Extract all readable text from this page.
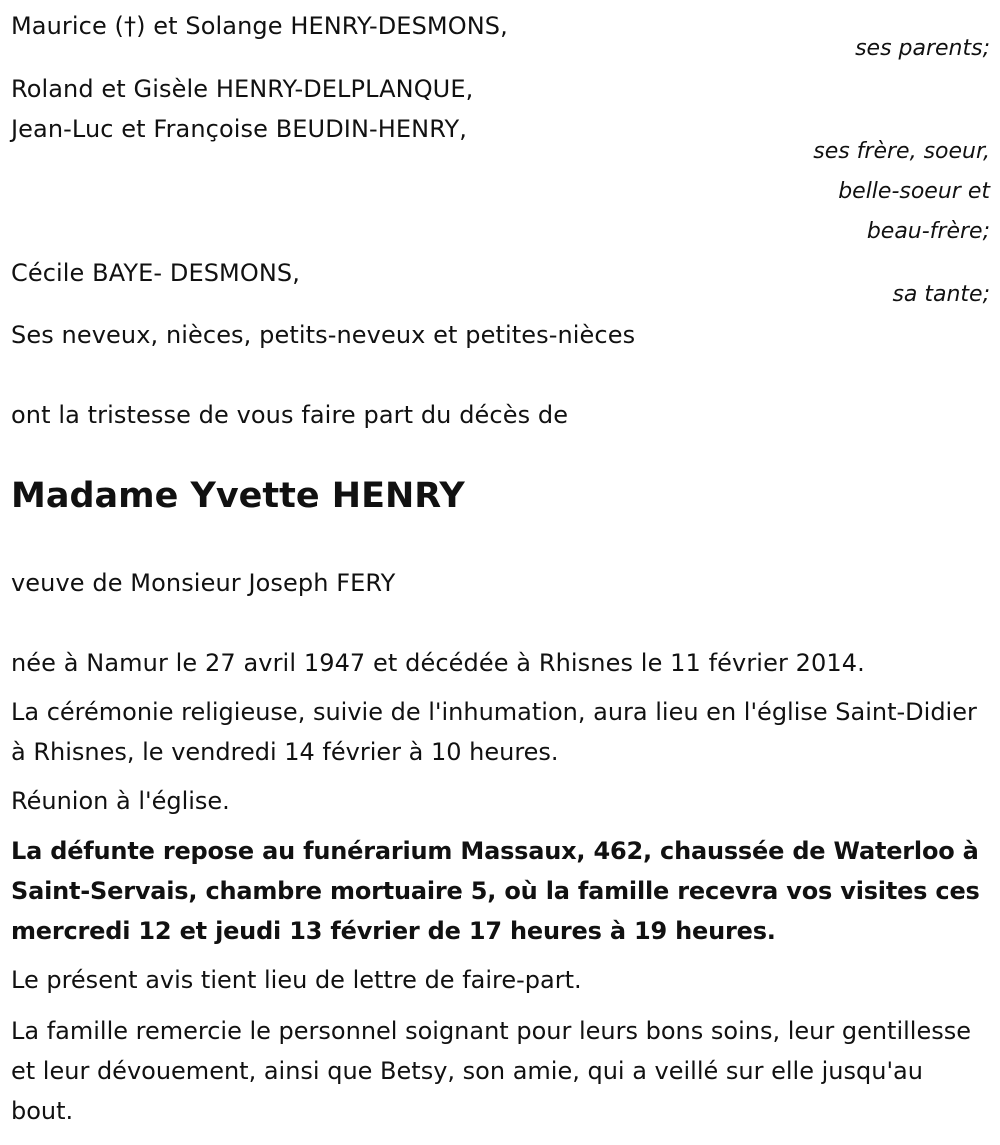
Maurice (†) et Solange HENRY-DESMONS,
ses parents;
Roland et Gisèle HENRY-DELPLANQUE,
Jean-Luc et Françoise BEUDIN-HENRY,
ses frère, soeur,
belle-soeur et
beau-frère;
Cécile BAYE- DESMONS,
sa tante;
Ses neveux, nièces, petits-neveux et petites-nièces
ont la tristesse de vous faire part du décès de
Madame Yvette HENRY
veuve de Monsieur Joseph FERY
née à Namur le 27 avril 1947 et décédée à Rhisnes le 11 février 2014.
La cérémonie religieuse, suivie de l'inhumation, aura lieu en l'église Saint-Didier à Rhisnes, le vendredi 14 février à 10 heures.
Réunion à l'église.
La défunte repose au funérarium Massaux, 462, chaussée de Waterloo à Saint-Servais, chambre mortuaire 5, où la famille recevra vos visites ces mercredi 12 et jeudi 13 février de 17 heures à 19 heures.
Le présent avis tient lieu de lettre de faire-part.
La famille remercie le personnel soignant pour leurs bons soins, leur gentillesse et leur dévouement, ainsi que Betsy, son amie, qui a veillé sur elle jusqu'au bout.
